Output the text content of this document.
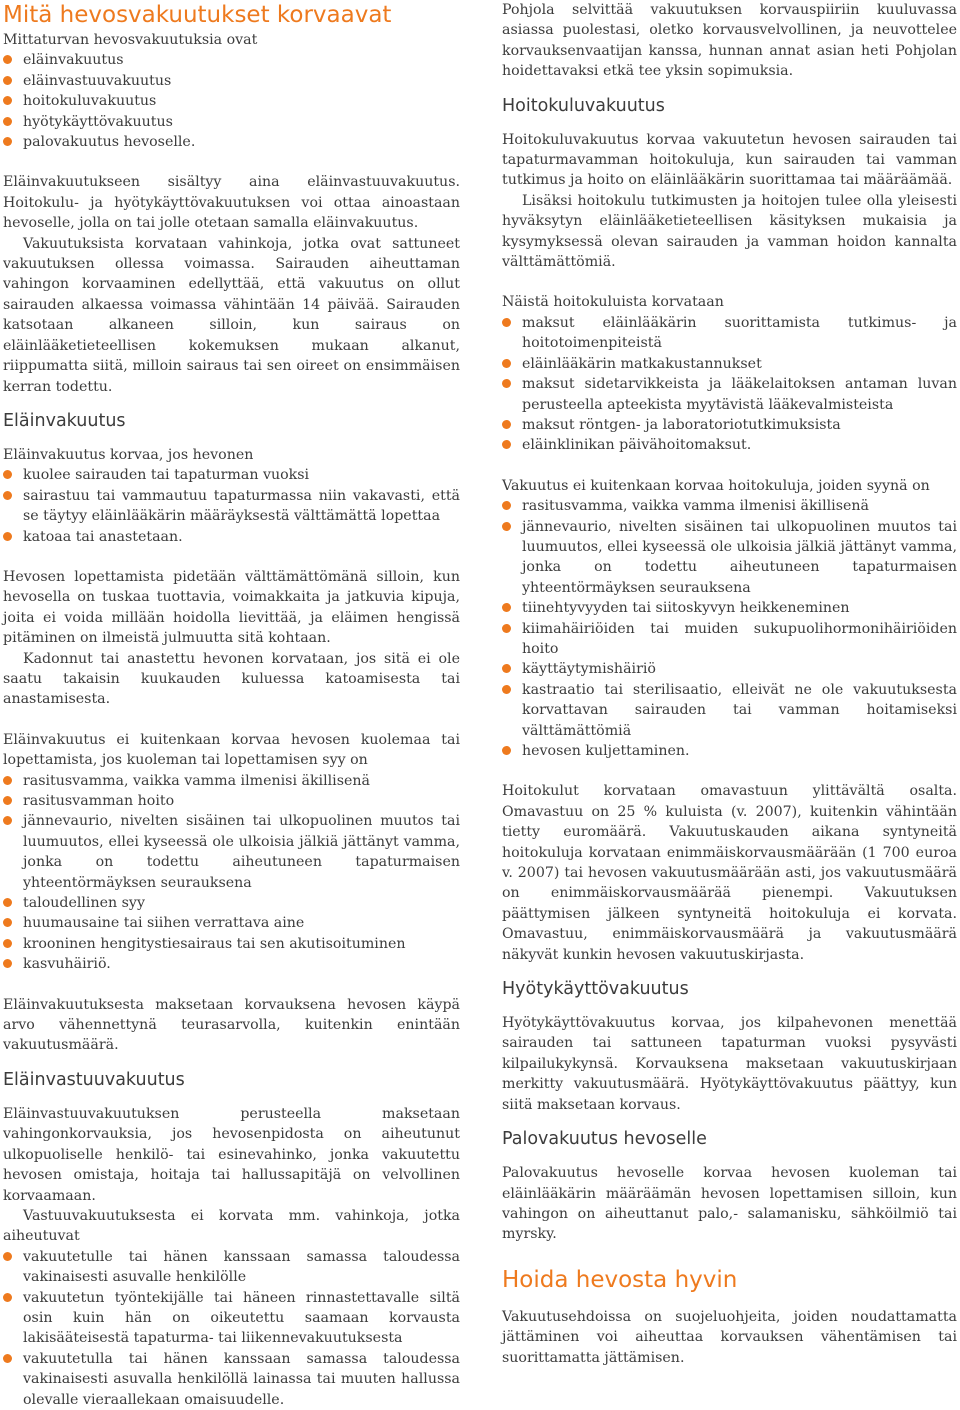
Mitä hevosvakuutukset korvaavat

Mittaturvan hevosvakuutuksia ovat

eläinvakuutus
eläinvastuuvakuutus
hoitokuluvakuutus
hyötykäyttövakuutus
palovakuutus hevoselle.

Eläinvakuutukseen sisältyy aina eläinvastuuvakuutus. Hoitokulu- ja hyötykäyttövakuutuksen voi ottaa ainoastaan hevoselle, jolla on tai jolle otetaan samalla eläinvakuutus.

Vakuutuksista korvataan vahinkoja, jotka ovat sattuneet vakuutuksen ollessa voimassa. Sairauden aiheuttaman vahingon korvaaminen edellyttää, että vakuutus on ollut sairauden alkaessa voimassa vähintään 14 päivää. Sairauden katsotaan alkaneen silloin, kun sairaus on eläinlääketieteellisen kokemuksen mukaan alkanut, riippumatta siitä, milloin sairaus tai sen oireet on ensimmäisen kerran todettu.

Eläinvakuutus

Eläinvakuutus korvaa, jos hevonen

kuolee sairauden tai tapaturman vuoksi
sairastuu tai vammautuu tapaturmassa niin vakavasti, että se täytyy eläinlääkärin määräyksestä välttämättä lopettaa
katoaa tai anastetaan.

Hevosen lopettamista pidetään välttämättömänä silloin, kun hevosella on tuskaa tuottavia, voimakkaita ja jatkuvia kipuja, joita ei voida millään hoidolla lievittää, ja eläimen hengissä pitäminen on ilmeistä julmuutta sitä kohtaan.

Kadonnut tai anastettu hevonen korvataan, jos sitä ei ole saatu takaisin kuukauden kuluessa katoamisesta tai anastamisesta.

Eläinvakuutus ei kuitenkaan korvaa hevosen kuolemaa tai lopettamista, jos kuoleman tai lopettamisen syy on

rasitusvamma, vaikka vamma ilmenisi äkillisenä
rasitusvamman hoito
jännevaurio, nivelten sisäinen tai ulkopuolinen muutos tai luumuutos, ellei kyseessä ole ulkoisia jälkiä jättänyt vamma, jonka on todettu aiheutuneen tapaturmaisen yhteentörmäyksen seurauksena
taloudellinen syy
huumausaine tai siihen verrattava aine
krooninen hengitystiesairaus tai sen akutisoituminen
kasvuhäiriö.

Eläinvakuutuksesta maksetaan korvauksena hevosen käypä arvo vähennettynä teurasarvolla, kuitenkin enintään vakuutusmäärä.

Eläinvastuuvakuutus

Eläinvastuuvakuutuksen perusteella maksetaan vahingonkorvauksia, jos hevosenpidosta on aiheutunut ulkopuoliselle henkilö- tai esinevahinko, jonka vakuutettu hevosen omistaja, hoitaja tai hallussapitäjä on velvollinen korvaamaan.

Vastuuvakuutuksesta ei korvata mm. vahinkoja, jotka aiheutuvat

vakuutetulle tai hänen kanssaan samassa taloudessa vakinaisesti asuvalle henkilölle
vakuutetun työntekijälle tai häneen rinnastettavalle siltä osin kuin hän on oikeutettu saamaan korvausta lakisääteisestä tapaturma- tai liikennevakuutuksesta
vakuutetulla tai hänen kanssaan samassa taloudessa vakinaisesti asuvalla henkilöllä lainassa tai muuten hallussa olevalle vieraallekaan omaisuudelle.

Pohjola selvittää vakuutuksen korvauspiiriin kuuluvassa asiassa puolestasi, oletko korvausvelvollinen, ja neuvottelee korvauksenvaatijan kanssa, hunnan annat asian heti Pohjolan hoidettavaksi etkä tee yksin sopimuksia.

Hoitokuluvakuutus

Hoitokuluvakuutus korvaa vakuutetun hevosen sairauden tai tapaturmavamman hoitokuluja, kun sairauden tai vamman tutkimus ja hoito on eläinlääkärin suorittamaa tai määräämää.

Lisäksi hoitokulu tutkimusten ja hoitojen tulee olla yleisesti hyväksytyn eläinlääketieteellisen käsityksen mukaisia ja kysymyksessä olevan sairauden ja vamman hoidon kannalta välttämättömiä.

Näistä hoitokuluista korvataan

maksut eläinlääkärin suorittamista tutkimus- ja hoitotoimenpiteistä
eläinlääkärin matkakustannukset
maksut sidetarvikkeista ja lääkelaitoksen antaman luvan perusteella apteekista myytävistä lääkevalmisteista
maksut röntgen- ja laboratoriotutkimuksista
eläinklinikan päivähoitomaksut.

Vakuutus ei kuitenkaan korvaa hoitokuluja, joiden syynä on

rasitusvamma, vaikka vamma ilmenisi äkillisenä
jännevaurio, nivelten sisäinen tai ulkopuolinen muutos tai luumuutos, ellei kyseessä ole ulkoisia jälkiä jättänyt vamma, jonka on todettu aiheutuneen tapaturmaisen yhteentörmäyksen seurauksena
tiinehtyvyyden tai siitoskyvyn heikkeneminen
kiimahäiriöiden tai muiden sukupuolihormonihäiriöiden hoito
käyttäytymishäiriö
kastraatio tai sterilisaatio, elleivät ne ole vakuutuksesta korvattavan sairauden tai vamman hoitamiseksi välttämättömiä
hevosen kuljettaminen.

Hoitokulut korvataan omavastuun ylittävältä osalta. Omavastuu on 25 % kuluista (v. 2007), kuitenkin vähintään tietty euromäärä. Vakuutuskauden aikana syntyneitä hoitokuluja korvataan enimmäiskorvausmäärään (1 700 euroa v. 2007) tai hevosen vakuutusmäärään asti, jos vakuutusmäärä on enimmäiskorvausmäärää pienempi. Vakuutuksen päättymisen jälkeen syntyneitä hoitokuluja ei korvata. Omavastuu, enimmäiskorvausmäärä ja vakuutusmäärä näkyvät kunkin hevosen vakuutuskirjasta.

Hyötykäyttövakuutus

Hyötykäyttövakuutus korvaa, jos kilpahevonen menettää sairauden tai sattuneen tapaturman vuoksi pysyvästi kilpailukykynsä. Korvauksena maksetaan vakuutuskirjaan merkitty vakuutusmäärä. Hyötykäyttövakuutus päättyy, kun siitä maksetaan korvaus.

Palovakuutus hevoselle

Palovakuutus hevoselle korvaa hevosen kuoleman tai eläinlääkärin määräämän hevosen lopettamisen silloin, kun vahingon on aiheuttanut palo,- salamanisku, sähköilmiö tai myrsky.

Hoida hevosta hyvin

Vakuutusehdoissa on suojeluohjeita, joiden noudattamatta jättäminen voi aiheuttaa korvauksen vähentämisen tai suorittamatta jättämisen.
